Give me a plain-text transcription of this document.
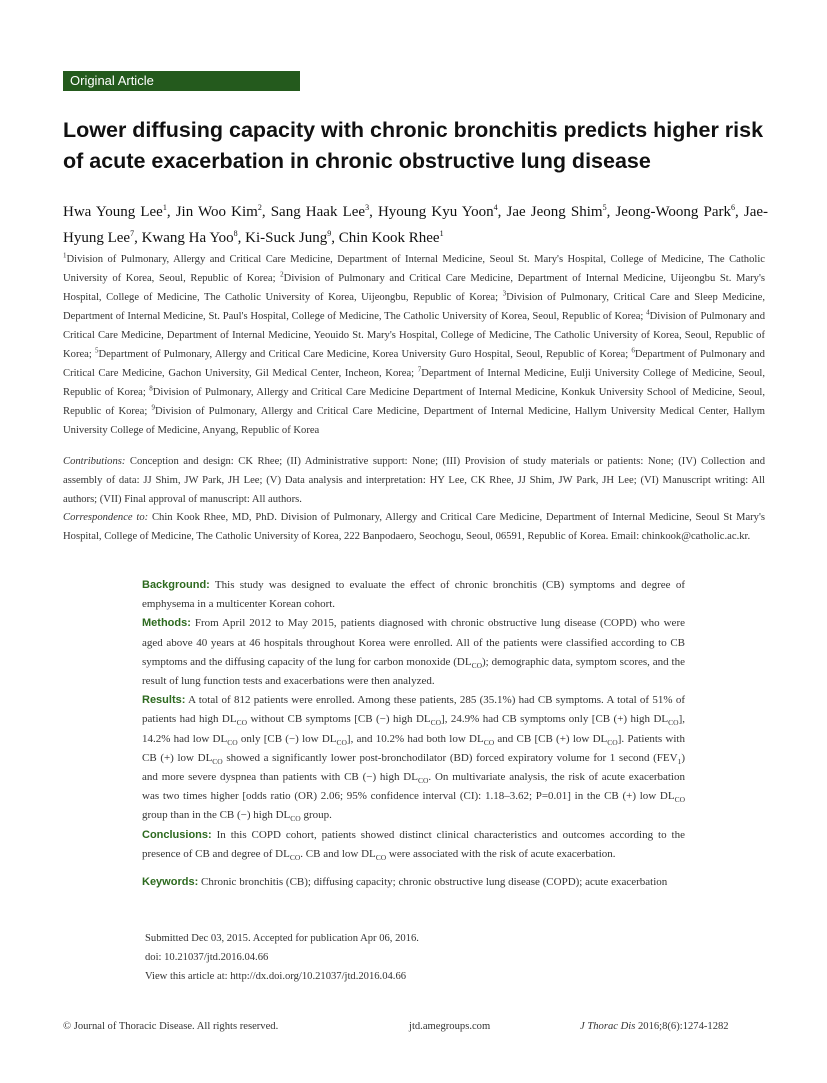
Original Article
Lower diffusing capacity with chronic bronchitis predicts higher risk of acute exacerbation in chronic obstructive lung disease
Hwa Young Lee$^1$, Jin Woo Kim$^2$, Sang Haak Lee$^3$, Hyoung Kyu Yoon$^4$, Jae Jeong Shim$^5$, Jeong-Woong Park$^6$, Jae-Hyung Lee$^7$, Kwang Ha Yoo$^8$, Ki-Suck Jung$^9$, Chin Kook Rhee$^1$
$^1$Division of Pulmonary, Allergy and Critical Care Medicine, Department of Internal Medicine, Seoul St. Mary's Hospital, College of Medicine, The Catholic University of Korea, Seoul, Republic of Korea; $^2$Division of Pulmonary and Critical Care Medicine, Department of Internal Medicine, Uijeongbu St. Mary's Hospital, College of Medicine, The Catholic University of Korea, Uijeongbu, Republic of Korea; $^3$Division of Pulmonary, Critical Care and Sleep Medicine, Department of Internal Medicine, St. Paul's Hospital, College of Medicine, The Catholic University of Korea, Seoul, Republic of Korea; $^4$Division of Pulmonary and Critical Care Medicine, Department of Internal Medicine, Yeouido St. Mary's Hospital, College of Medicine, The Catholic University of Korea, Seoul, Republic of Korea; $^5$Department of Pulmonary, Allergy and Critical Care Medicine, Korea University Guro Hospital, Seoul, Republic of Korea; $^6$Department of Pulmonary and Critical Care Medicine, Gachon University, Gil Medical Center, Incheon, Korea; $^7$Department of Internal Medicine, Eulji University College of Medicine, Seoul, Republic of Korea; $^8$Division of Pulmonary, Allergy and Critical Care Medicine Department of Internal Medicine, Konkuk University School of Medicine, Seoul, Republic of Korea; $^9$Division of Pulmonary, Allergy and Critical Care Medicine, Department of Internal Medicine, Hallym University Medical Center, Hallym University College of Medicine, Anyang, Republic of Korea
Contributions: Conception and design: CK Rhee; (II) Administrative support: None; (III) Provision of study materials or patients: None; (IV) Collection and assembly of data: JJ Shim, JW Park, JH Lee; (V) Data analysis and interpretation: HY Lee, CK Rhee, JJ Shim, JW Park, JH Lee; (VI) Manuscript writing: All authors; (VII) Final approval of manuscript: All authors.
Correspondence to: Chin Kook Rhee, MD, PhD. Division of Pulmonary, Allergy and Critical Care Medicine, Department of Internal Medicine, Seoul St Mary's Hospital, College of Medicine, The Catholic University of Korea, 222 Banpodaero, Seochogu, Seoul, 06591, Republic of Korea. Email: chinkook@catholic.ac.kr.

Background: This study was designed to evaluate the effect of chronic bronchitis (CB) symptoms and degree of emphysema in a multicenter Korean cohort.

Methods: From April 2012 to May 2015, patients diagnosed with chronic obstructive lung disease (COPD) who were aged above 40 years at 46 hospitals throughout Korea were enrolled. All of the patients were classified according to CB symptoms and the diffusing capacity of the lung for carbon monoxide $(DL_{CO})$; demographic data, symptom scores, and the result of lung function tests and exacerbations were then analyzed.

Results: A total of 812 patients were enrolled. Among these patients, 285 (35.1%) had CB symptoms. A total of 51% of patients had high $DL_{CO}$ without CB symptoms [CB (−) high $DL_{CO}$], 24.9% had CB symptoms only [CB (+) high $DL_{CO}$], 14.2% had low $DL_{CO}$ only [CB (−) low $DL_{CO}$], and 10.2% had both low $DL_{CO}$ and CB [CB (+) low $DL_{CO}$]. Patients with CB (+) low $DL_{CO}$ showed a significantly lower post-bronchodilator (BD) forced expiratory volume for 1 second $(FEV_1)$ and more severe dyspnea than patients with CB (−) high $DL_{CO}$. On multivariate analysis, the risk of acute exacerbation was two times higher [odds ratio (OR) 2.06; 95% confidence interval (CI): 1.18–3.62; P=0.01] in the CB (+) low $DL_{CO}$ group than in the CB (−) high $DL_{CO}$ group.

Conclusions: In this COPD cohort, patients showed distinct clinical characteristics and outcomes according to the presence of CB and degree of $DL_{CO}$. CB and low $DL_{CO}$ were associated with the risk of acute exacerbation.

Keywords: Chronic bronchitis (CB); diffusing capacity; chronic obstructive lung disease (COPD); acute exacerbation

Submitted Dec 03, 2015. Accepted for publication Apr 06, 2016.
doi: 10.21037/jtd.2016.04.66
View this article at: http://dx.doi.org/10.21037/jtd.2016.04.66
© Journal of Thoracic Disease. All rights reserved.	jtd.amegroups.com	J Thorac Dis 2016;8(6):1274-1282
